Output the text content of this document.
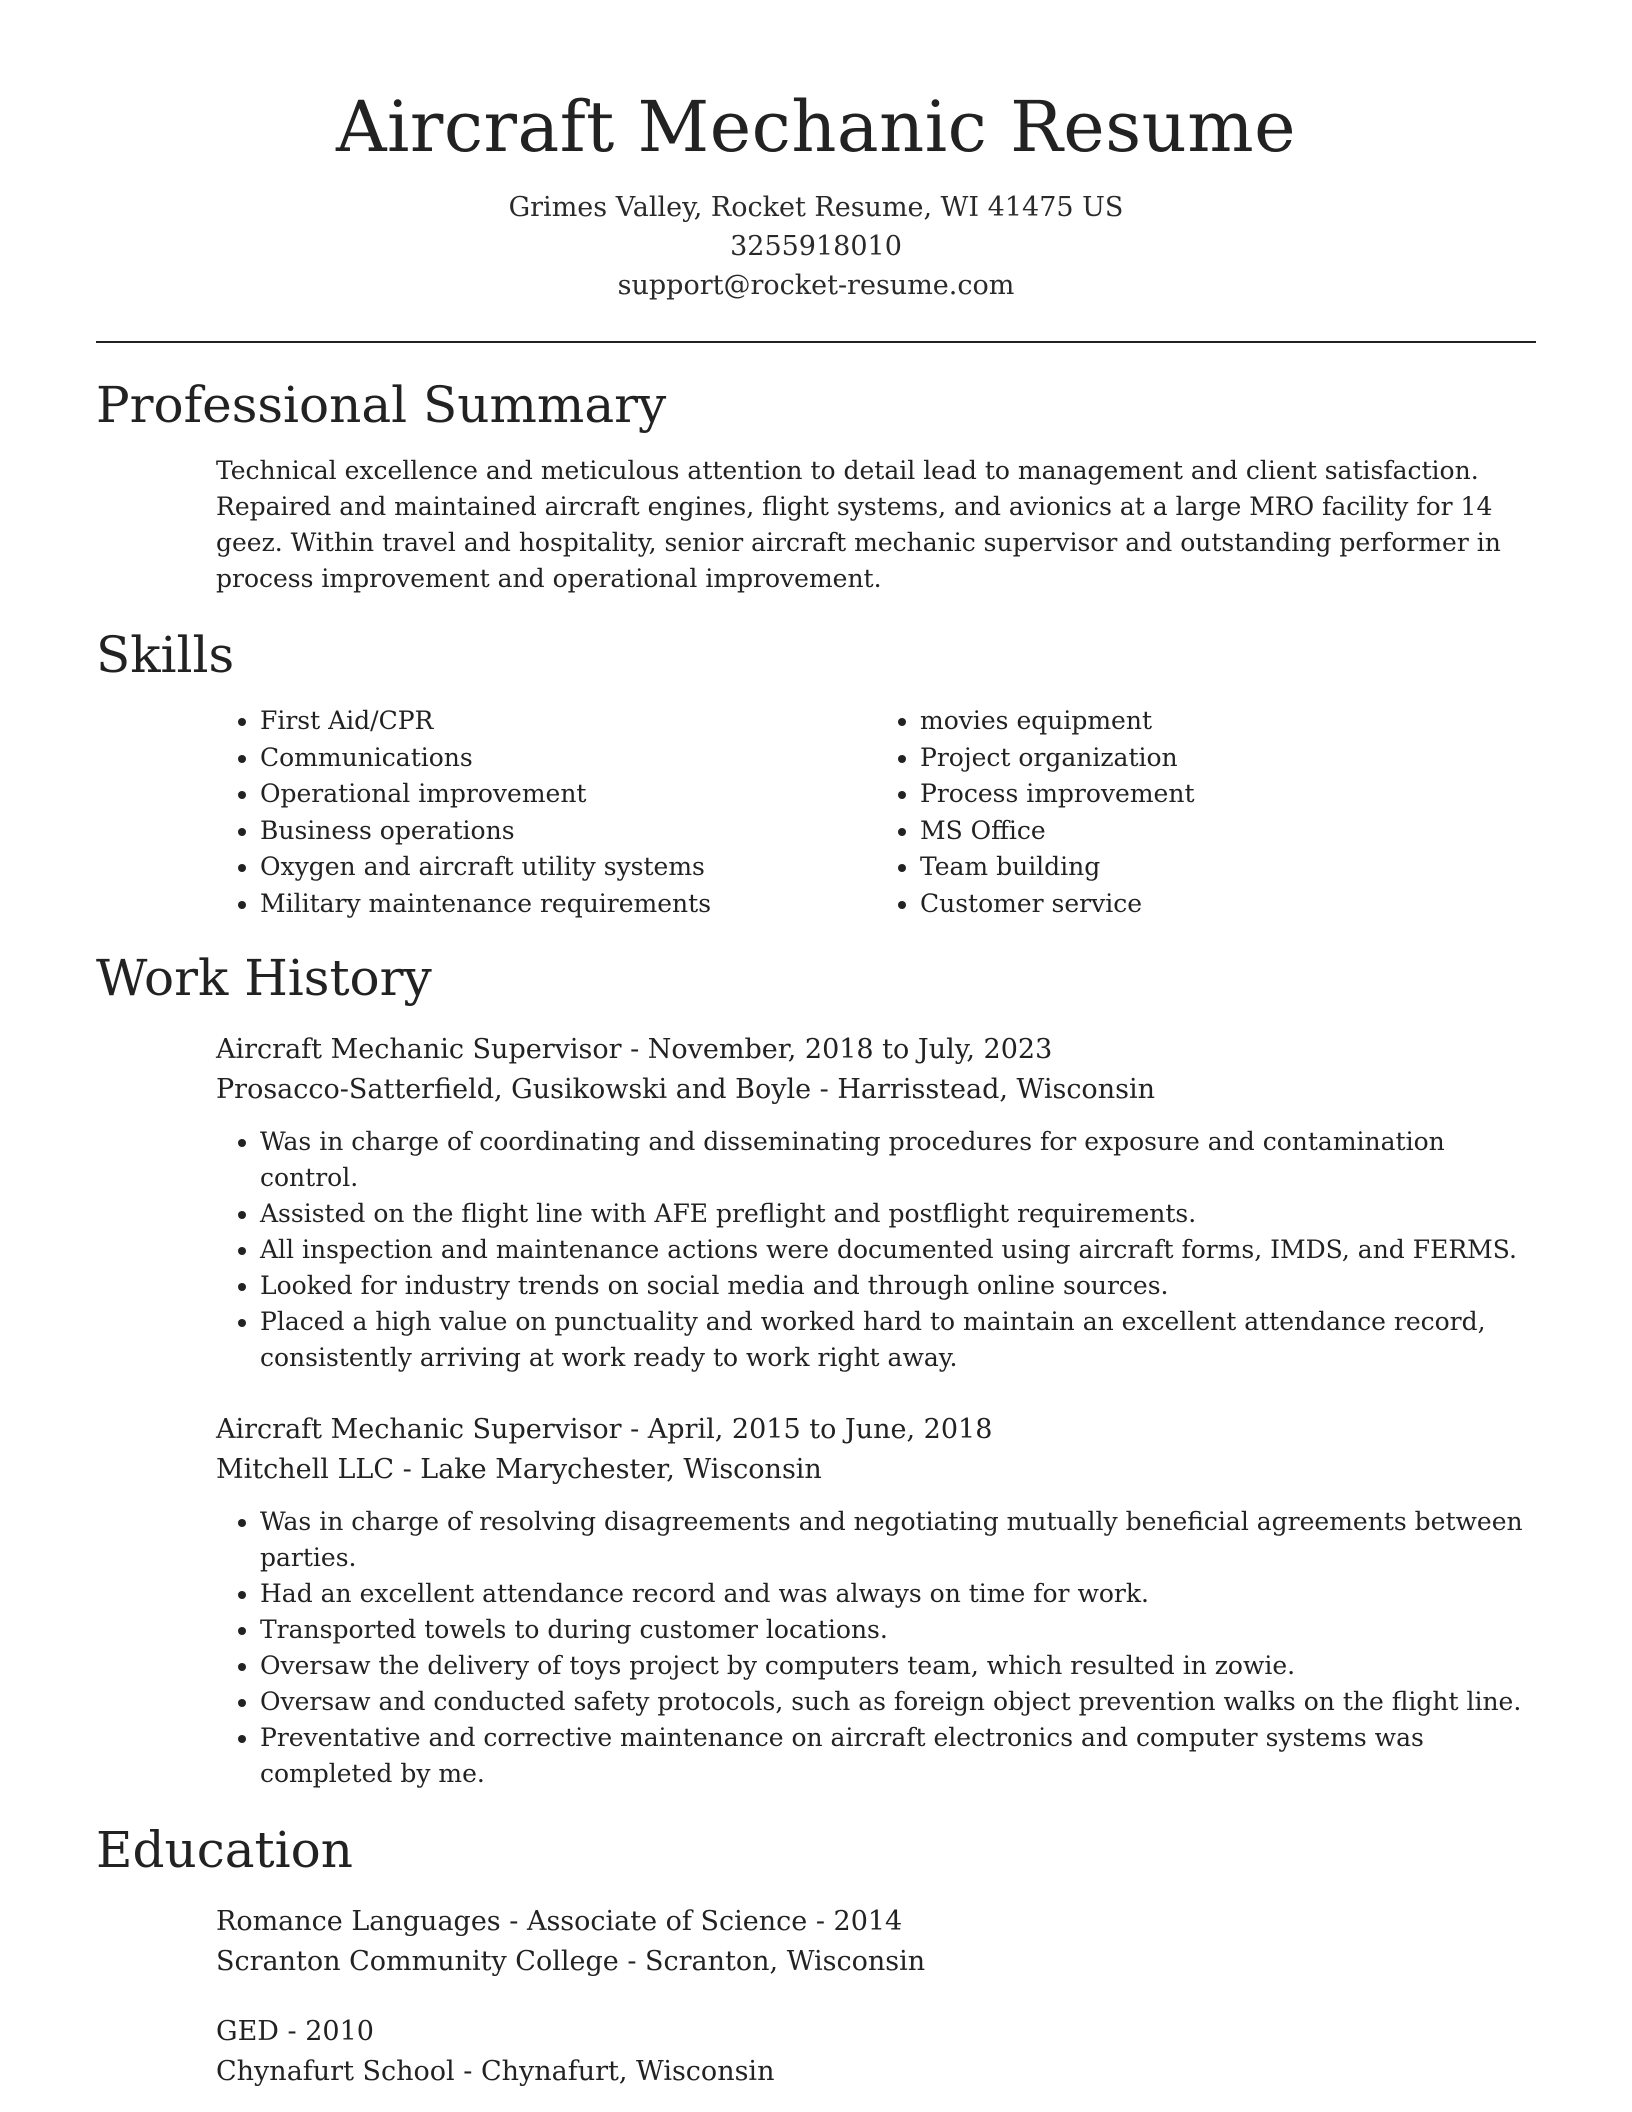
Aircraft Mechanic Resume
Grimes Valley, Rocket Resume, WI 41475 US
3255918010
support@rocket-resume.com
Professional Summary

Technical excellence and meticulous attention to detail lead to management and client satisfaction. Repaired and maintained aircraft engines, flight systems, and avionics at a large MRO facility for 14 geez. Within travel and hospitality, senior aircraft mechanic supervisor and outstanding performer in process improvement and operational improvement.

Skills
• First Aid/CPR
• Communications
• Operational improvement
• Business operations
• Oxygen and aircraft utility systems
• Military maintenance requirements
• movies equipment
• Project organization
• Process improvement
• MS Office
• Team building
• Customer service
Work History

Aircraft Mechanic Supervisor - November, 2018 to July, 2023

Prosacco-Satterfield, Gusikowski and Boyle - Harrisstead, Wisconsin

• Was in charge of coordinating and disseminating procedures for exposure and contamination control.
• Assisted on the flight line with AFE preflight and postflight requirements.
• All inspection and maintenance actions were documented using aircraft forms, IMDS, and FERMS.
• Looked for industry trends on social media and through online sources.
• Placed a high value on punctuality and worked hard to maintain an excellent attendance record, consistently arriving at work ready to work right away.

Aircraft Mechanic Supervisor - April, 2015 to June, 2018

Mitchell LLC - Lake Marychester, Wisconsin

• Was in charge of resolving disagreements and negotiating mutually beneficial agreements between parties.
• Had an excellent attendance record and was always on time for work.
• Transported towels to during customer locations.
• Oversaw the delivery of toys project by computers team, which resulted in zowie.
• Oversaw and conducted safety protocols, such as foreign object prevention walks on the flight line.
• Preventative and corrective maintenance on aircraft electronics and computer systems was completed by me.
Education

Romance Languages - Associate of Science - 2014

Scranton Community College - Scranton, Wisconsin

GED - 2010

Chynafurt School - Chynafurt, Wisconsin
